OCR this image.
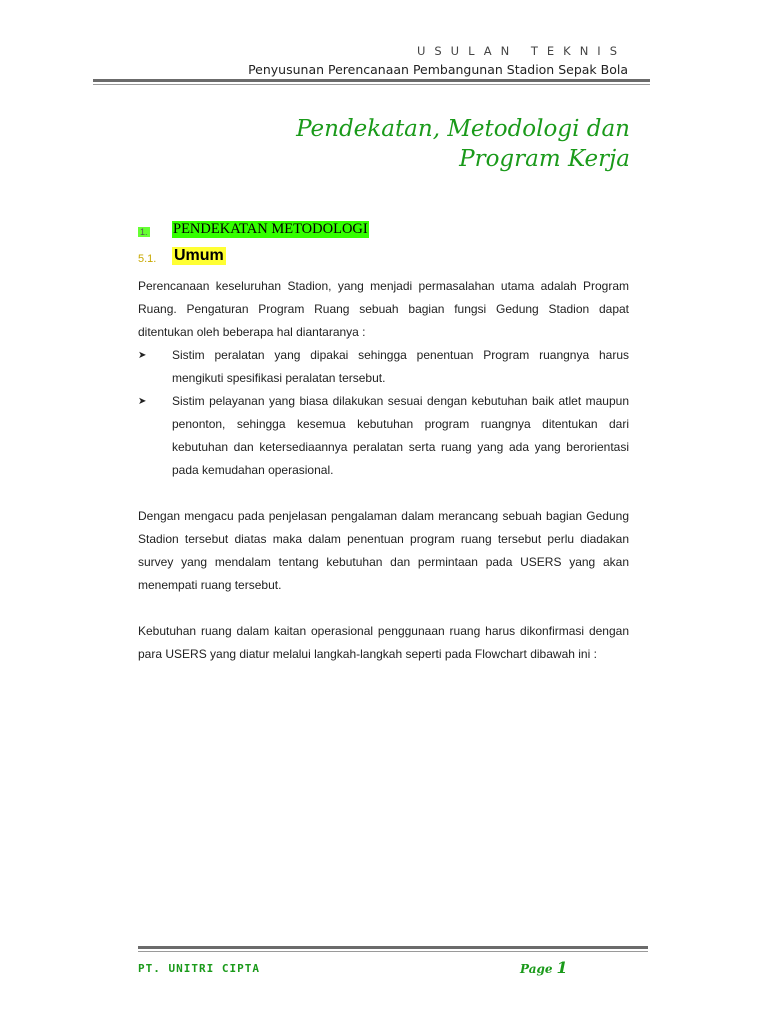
USULAN TEKNIS
Penyusunan Perencanaan Pembangunan Stadion Sepak Bola
Pendekatan, Metodologi dan
Program Kerja
1. PENDEKATAN METODOLOGI
5.1. Umum

Perencanaan keseluruhan Stadion, yang menjadi permasalahan utama adalah Program Ruang. Pengaturan Program Ruang sebuah bagian fungsi Gedung Stadion dapat ditentukan oleh beberapa hal diantaranya :

➤ Sistim peralatan yang dipakai sehingga penentuan Program ruangnya harus mengikuti spesifikasi peralatan tersebut.
➤ Sistim pelayanan yang biasa dilakukan sesuai dengan kebutuhan baik atlet maupun penonton, sehingga kesemua kebutuhan program ruangnya ditentukan dari kebutuhan dan ketersediaannya peralatan serta ruang yang ada yang berorientasi pada kemudahan operasional.

Dengan mengacu pada penjelasan pengalaman dalam merancang sebuah bagian Gedung Stadion tersebut diatas maka dalam penentuan program ruang tersebut perlu diadakan survey yang mendalam tentang kebutuhan dan permintaan pada USERS yang akan menempati ruang tersebut.

Kebutuhan ruang dalam kaitan operasional penggunaan ruang harus dikonfirmasi dengan para USERS yang diatur melalui langkah-langkah seperti pada Flowchart dibawah ini :

PT. UNITRI CIPTA	Page 1
